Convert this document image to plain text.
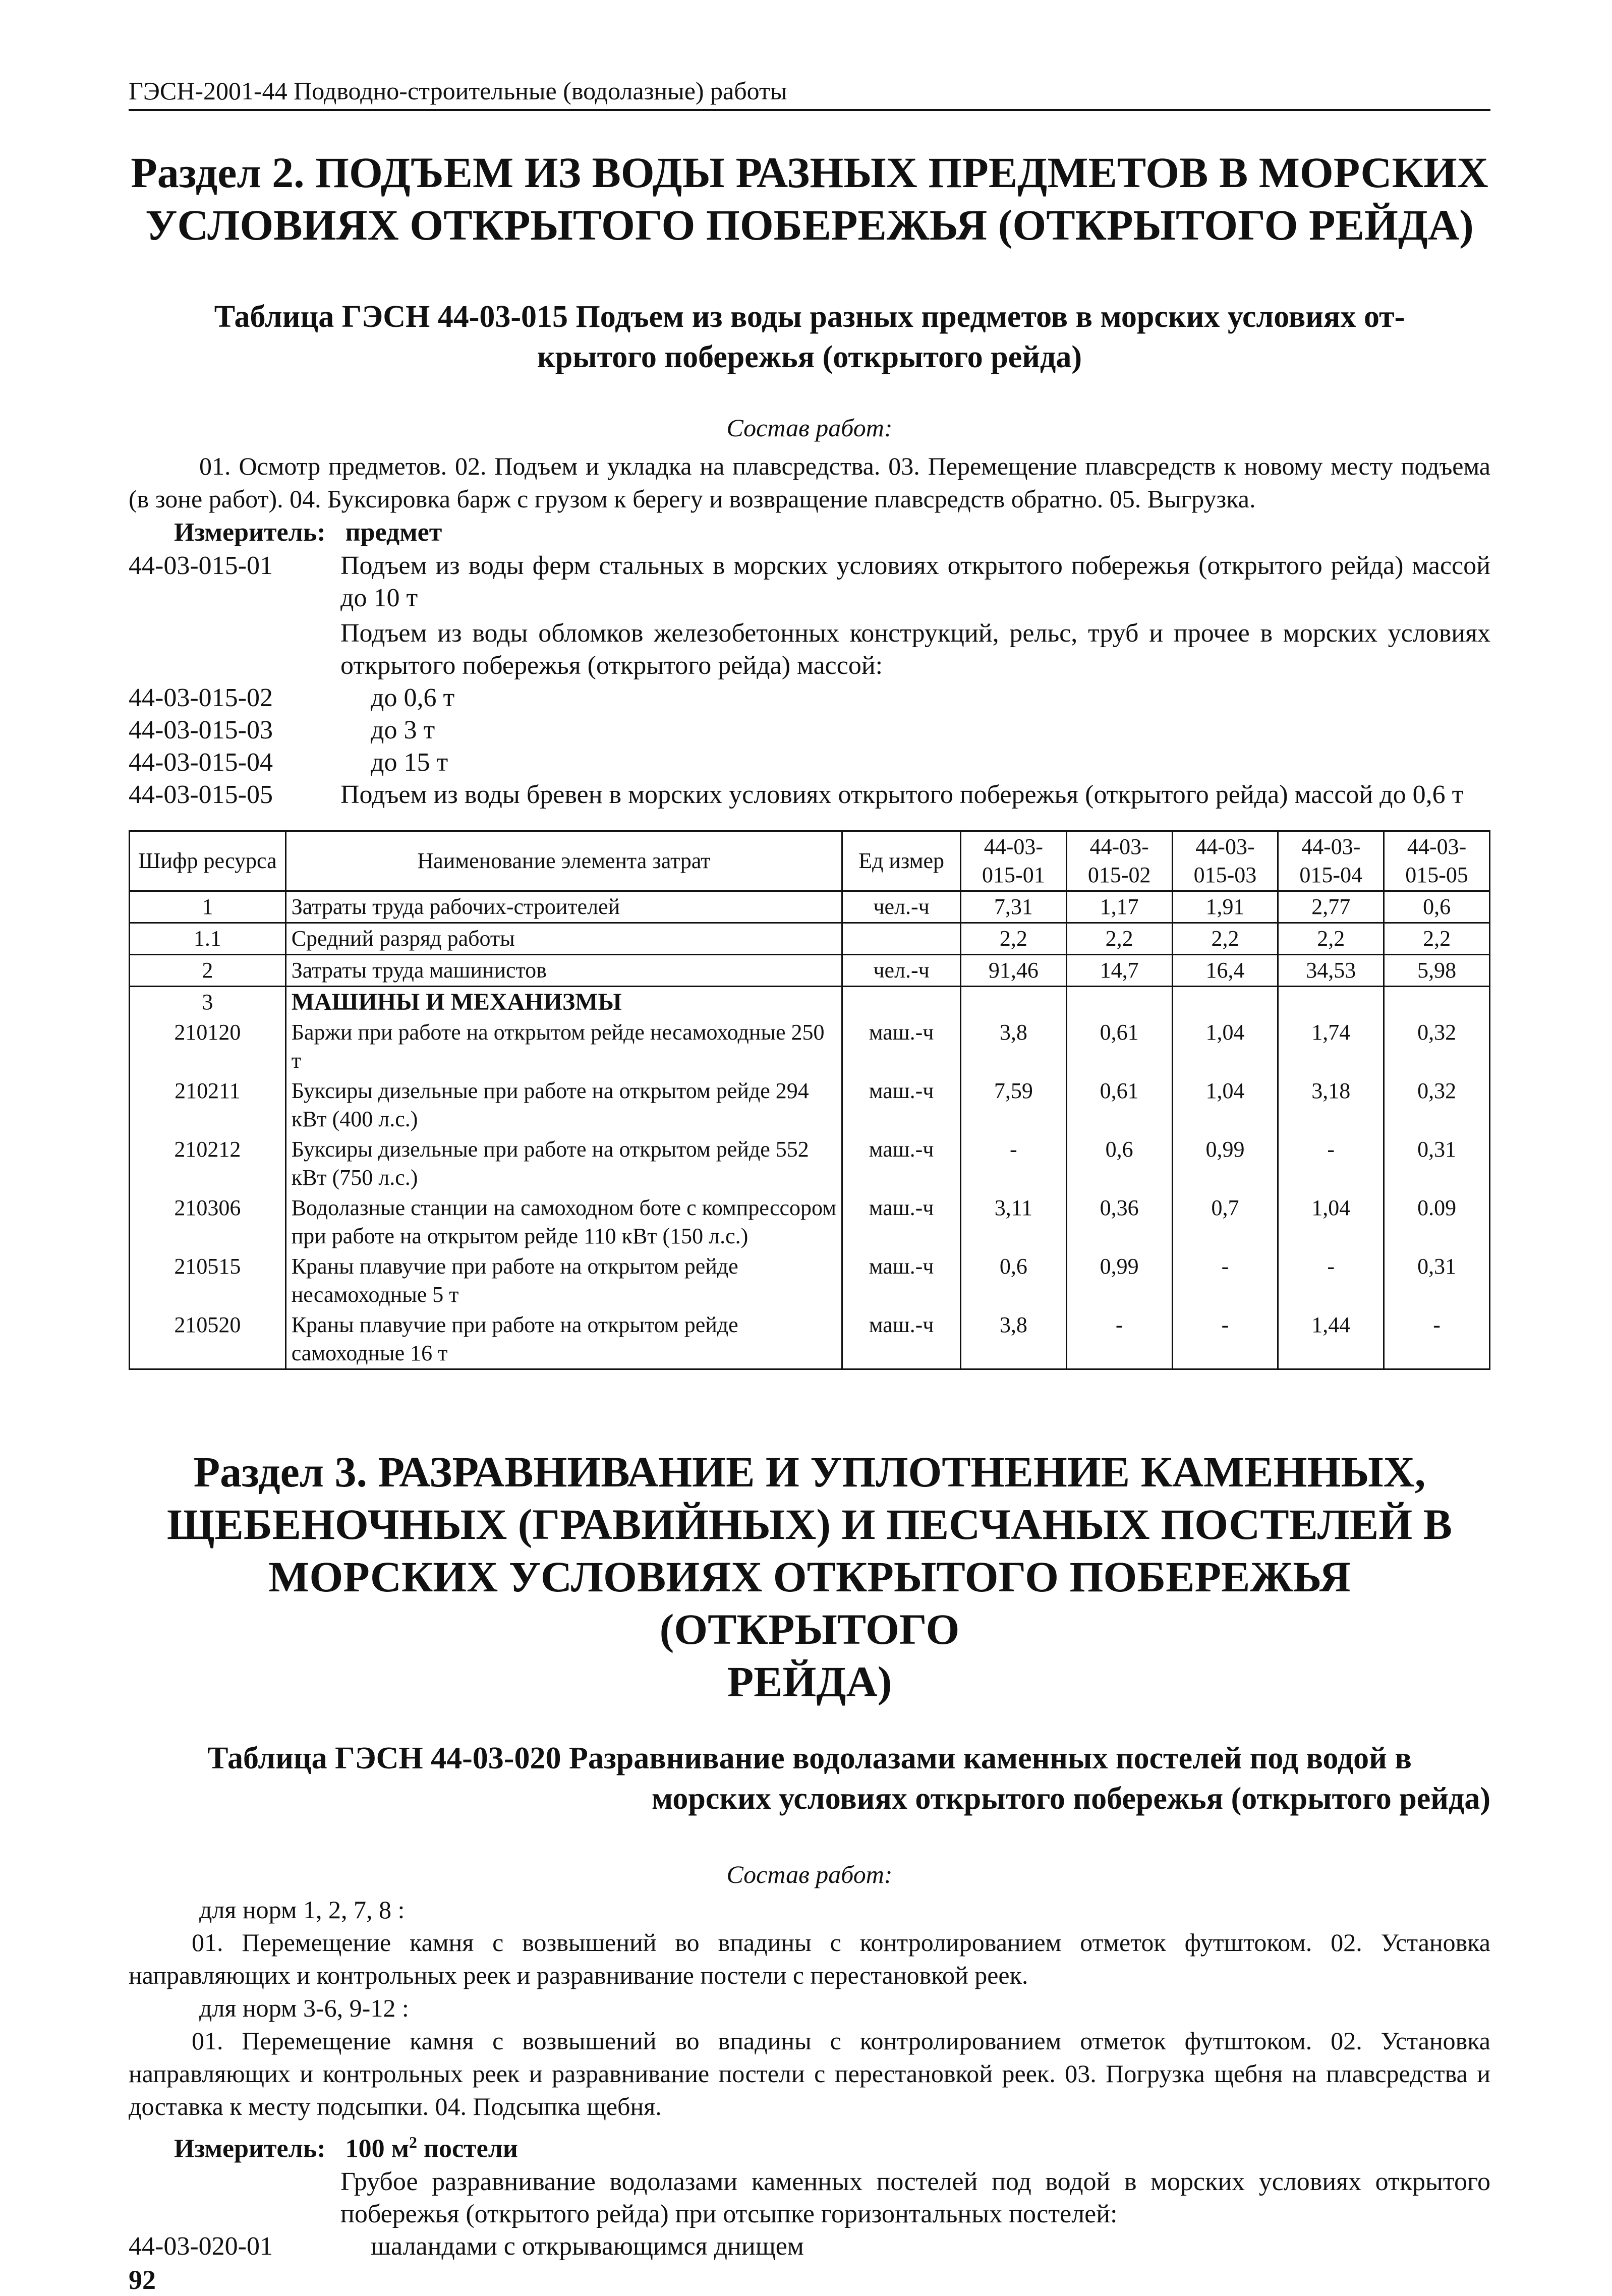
ГЭСН-2001-44 Подводно-строительные (водолазные) работы

Раздел 2. ПОДЪЕМ ИЗ ВОДЫ РАЗНЫХ ПРЕДМЕТОВ В МОРСКИХ

УСЛОВИЯХ ОТКРЫТОГО ПОБЕРЕЖЬЯ (ОТКРЫТОГО РЕЙДА)

Таблица ГЭСН 44-03-015 Подъем из воды разных предметов в морских условиях от-

крытого побережья (открытого рейда)

Состав работ:

01. Осмотр предметов. 02. Подъем и укладка на плавсредства. 03. Перемещение плавсредств к новому месту подъема (в зоне работ). 04. Буксировка барж с грузом к берегу и возвращение плавсредств обратно. 05. Выгрузка.

Измеритель: предмет
44-03-015-01	Подъем из воды ферм стальных в морских условиях открытого побережья (открытого рейда) массой до 10 т
Подъем из воды обломков железобетонных конструкций, рельс, труб и прочее в морских условиях открытого побережья (открытого рейда) массой:
44-03-015-02	до 0,6 т
44-03-015-03	до 3 т
44-03-015-04	до 15 т
44-03-015-05	Подъем из воды бревен в морских условиях открытого побережья (открытого рейда) массой до 0,6 т
Шифр ресурса	Наименование элемента затрат	Ед измер	44-03-015-01	44-03-015-02	44-03-015-03	44-03-015-04	44-03-015-05
1	Затраты труда рабочих-строителей	чел.-ч	7,31	1,17	1,91	2,77	0,6
1.1	Средний разряд работы		2,2	2,2	2,2	2,2	2,2
2	Затраты труда машинистов	чел.-ч	91,46	14,7	16,4	34,53	5,98
3	МАШИНЫ И МЕХАНИЗМЫ						
210120	Баржи при работе на открытом рейде несамоходные 250 т	маш.-ч	3,8	0,61	1,04	1,74	0,32
210211	Буксиры дизельные при работе на открытом рейде 294 кВт (400 л.с.)	маш.-ч	7,59	0,61	1,04	3,18	0,32
210212	Буксиры дизельные при работе на открытом рейде 552 кВт (750 л.с.)	маш.-ч	-	0,6	0,99	-	0,31
210306	Водолазные станции на самоходном боте с компрессором при работе на открытом рейде 110 кВт (150 л.с.)	маш.-ч	3,11	0,36	0,7	1,04	0.09
210515	Краны плавучие при работе на открытом рейде несамоходные 5 т	маш.-ч	0,6	0,99	-	-	0,31
210520	Краны плавучие при работе на открытом рейде самоходные 16 т	маш.-ч	3,8	-	-	1,44	-

Раздел 3. РАЗРАВНИВАНИЕ И УПЛОТНЕНИЕ КАМЕННЫХ,

ЩЕБЕНОЧНЫХ (ГРАВИЙНЫХ) И ПЕСЧАНЫХ ПОСТЕЛЕЙ В

МОРСКИХ УСЛОВИЯХ ОТКРЫТОГО ПОБЕРЕЖЬЯ (ОТКРЫТОГО

РЕЙДА)

Таблица ГЭСН 44-03-020 Разравнивание водолазами каменных постелей под водой в

морских условиях открытого побережья (открытого рейда)

Состав работ:

для норм 1, 2, 7, 8 :

01. Перемещение камня с возвышений во впадины с контролированием отметок футштоком. 02. Установка направляющих и контрольных реек и разравнивание постели с перестановкой реек.

для норм 3-6, 9-12 :

01. Перемещение камня с возвышений во впадины с контролированием отметок футштоком. 02. Установка направляющих и контрольных реек и разравнивание постели с перестановкой реек. 03. Погрузка щебня на плавсредства и доставка к месту подсыпки. 04. Подсыпка щебня.

Измеритель: 100 $м^2$ постели
Грубое разравнивание водолазами каменных постелей под водой в морских условиях открытого побережья (открытого рейда) при отсыпке горизонтальных постелей:
44-03-020-01	шаландами с открывающимся днищем
92
